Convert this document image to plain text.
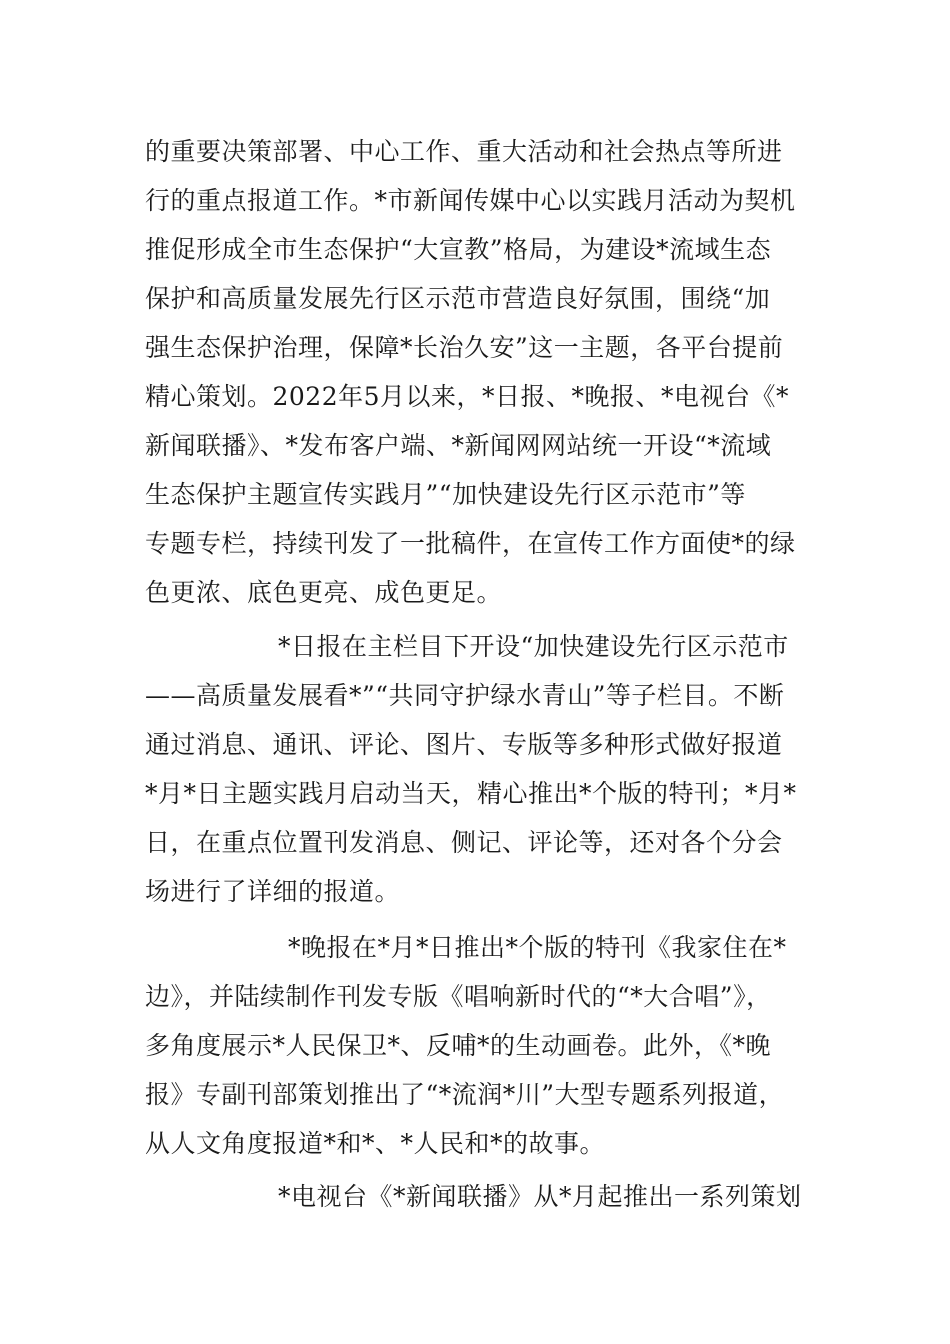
的重要决策部署、中心工作、重大活动和社会热点等所进
行的重点报道工作。*市新闻传媒中心以实践月活动为契机
推促形成全市生态保护“大宣教”格局，为建设*流域生态
保护和高质量发展先行区示范市营造良好氛围，围绕“加
强生态保护治理，保障*长治久安”这一主题，各平台提前
精心策划。2022年5月以来，*日报、*晚报、*电视台《*
新闻联播》、*发布客户端、*新闻网网站统一开设“*流域
生态保护主题宣传实践月”“加快建设先行区示范市”等
专题专栏，持续刊发了一批稿件，在宣传工作方面使*的绿
色更浓、底色更亮、成色更足。
*日报在主栏目下开设“加快建设先行区示范市
——高质量发展看*”“共同守护绿水青山”等子栏目。不断
通过消息、通讯、评论、图片、专版等多种形式做好报道
*月*日主题实践月启动当天，精心推出*个版的特刊；*月*
日，在重点位置刊发消息、侧记、评论等，还对各个分会
场进行了详细的报道。
*晚报在*月*日推出*个版的特刊《我家住在*
边》，并陆续制作刊发专版《唱响新时代的“*大合唱”》，
多角度展示*人民保卫*、反哺*的生动画卷。此外，《*晚
报》专副刊部策划推出了“*流润*川”大型专题系列报道，
从人文角度报道*和*、*人民和*的故事。
*电视台《*新闻联播》从*月起推出一系列策划
